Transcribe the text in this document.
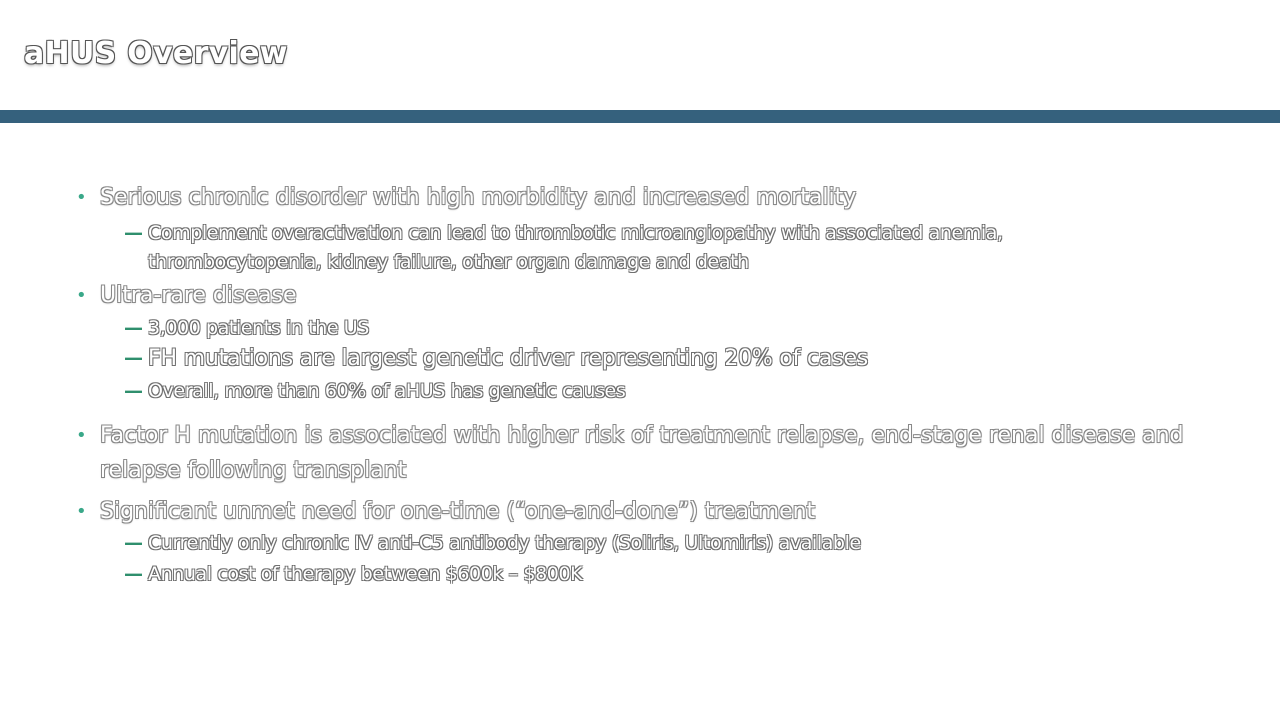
aHUS Overview
• Serious chronic disorder with high morbidity and increased mortality
— Complement overactivation can lead to thrombotic microangiopathy with associated anemia, thrombocytopenia, kidney failure, other organ damage and death
• Ultra-rare disease
— 3,000 patients in the US
— FH mutations are largest genetic driver representing 20% of cases
— Overall, more than 60% of aHUS has genetic causes
• Factor H mutation is associated with higher risk of treatment relapse, end-stage renal disease and relapse following transplant
• Significant unmet need for one-time (“one-and-done”) treatment
— Currently only chronic IV anti-C5 antibody therapy (Soliris, Ultomiris) available
— Annual cost of therapy between $600k – $800K
